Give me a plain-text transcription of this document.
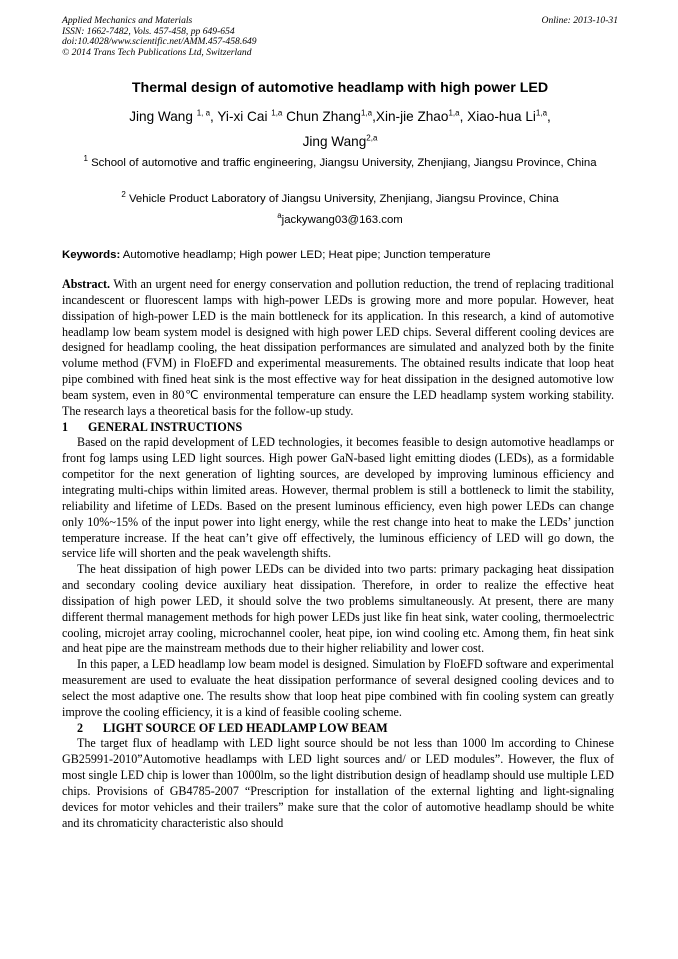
Applied Mechanics and Materials
ISSN: 1662-7482, Vols. 457-458, pp 649-654
doi:10.4028/www.scientific.net/AMM.457-458.649
© 2014 Trans Tech Publications Ltd, Switzerland
Online: 2013-10-31
Thermal design of automotive headlamp with high power LED
Jing Wang $^{1, a}$, Yi-xi Cai $^{1,a}$ Chun Zhang$^{1,a}$,Xin-jie Zhao$^{1,a}$, Xiao-hua Li$^{1,a}$,
Jing Wang$^{2,a}$
$^1$ School of automotive and traffic engineering, Jiangsu University, Zhenjiang, Jiangsu Province, China
$^2$ Vehicle Product Laboratory of Jiangsu University, Zhenjiang, Jiangsu Province, China
$^a$jackywang03@163.com
Keywords: Automotive headlamp; High power LED; Heat pipe; Junction temperature

Abstract. With an urgent need for energy conservation and pollution reduction, the trend of replacing traditional incandescent or fluorescent lamps with high-power LEDs is growing more and more popular. However, heat dissipation of high-power LED is the main bottleneck for its application. In this research, a kind of automotive headlamp low beam system model is designed with high power LED chips. Several different cooling devices are designed for headlamp cooling, the heat dissipation performances are simulated and analyzed both by the finite volume method (FVM) in FloEFD and experimental measurements. The obtained results indicate that loop heat pipe combined with fined heat sink is the most effective way for heat dissipation in the designed automotive low beam system, even in 80℃ environmental temperature can ensure the LED headlamp system working stability. The research lays a theoretical basis for the follow-up study.

1 GENERAL INSTRUCTIONS

Based on the rapid development of LED technologies, it becomes feasible to design automotive headlamps or front fog lamps using LED light sources. High power GaN-based light emitting diodes (LEDs), as a formidable competitor for the next generation of lighting sources, are developed by improving luminous efficiency and integrating multi-chips within limited areas. However, thermal problem is still a bottleneck to limit the stability, reliability and lifetime of LEDs. Based on the present luminous efficiency, even high power LEDs can change only 10%~15% of the input power into light energy, while the rest change into heat to make the LEDs’ junction temperature increase. If the heat can’t give off effectively, the luminous efficiency of LED will go down, the service life will shorten and the peak wavelength shifts.

The heat dissipation of high power LEDs can be divided into two parts: primary packaging heat dissipation and secondary cooling device auxiliary heat dissipation. Therefore, in order to realize the effective heat dissipation of high power LED, it should solve the two problems simultaneously. At present, there are many different thermal management methods for high power LEDs just like fin heat sink, water cooling, thermoelectric cooling, microjet array cooling, microchannel cooler, heat pipe, ion wind cooling etc. Among them, fin heat sink and heat pipe are the mainstream methods due to their higher reliability and lower cost.

In this paper, a LED headlamp low beam model is designed. Simulation by FloEFD software and experimental measurement are used to evaluate the heat dissipation performance of several designed cooling devices and to select the most adaptive one. The results show that loop heat pipe combined with fin cooling system can greatly improve the cooling efficiency, it is a kind of feasible cooling scheme.

2 LIGHT SOURCE OF LED HEADLAMP LOW BEAM

The target flux of headlamp with LED light source should be not less than 1000 lm according to Chinese GB25991-2010”Automotive headlamps with LED light sources and/ or LED modules”. However, the flux of most single LED chip is lower than 1000lm, so the light distribution design of headlamp should use multiple LED chips. Provisions of GB4785-2007 “Prescription for installation of the external lighting and light-signaling devices for motor vehicles and their trailers” make sure that the color of automotive headlamp should be white and its chromaticity characteristic also should
